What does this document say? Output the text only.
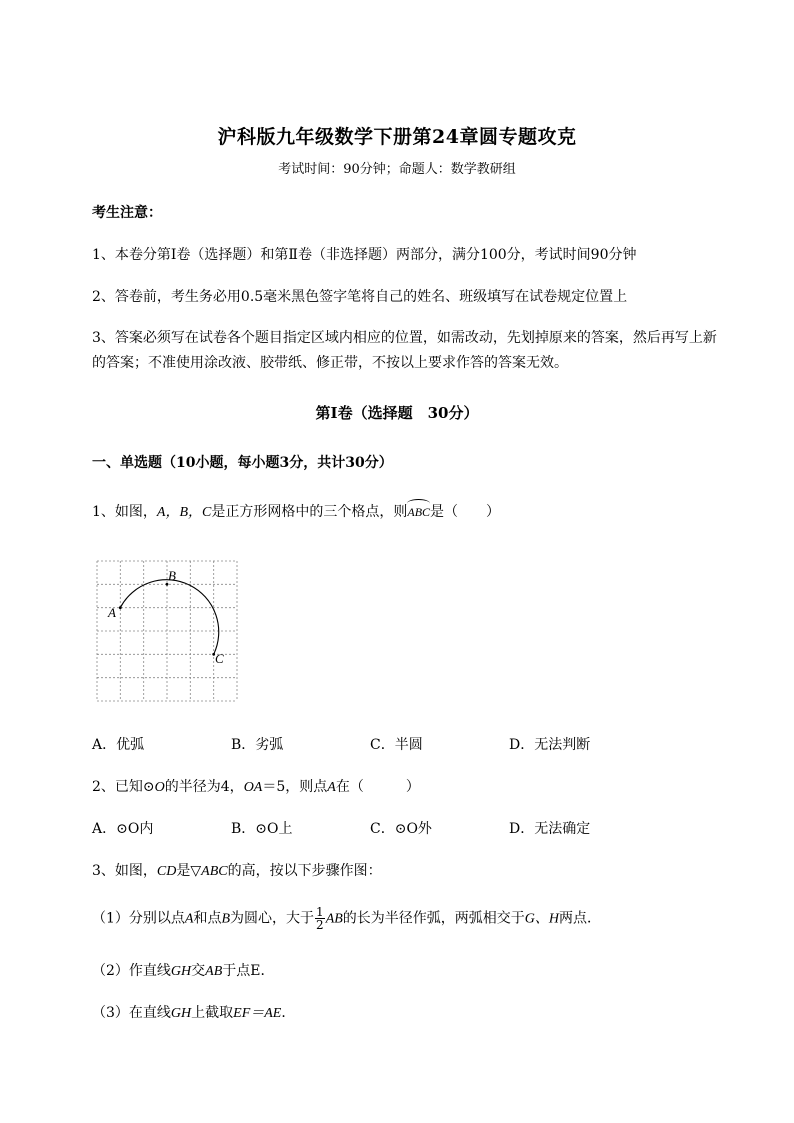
沪科版九年级数学下册第24章圆专题攻克
考试时间：90分钟；命题人：数学教研组
考生注意：
1、本卷分第I卷（选择题）和第Ⅱ卷（非选择题）两部分，满分100分，考试时间90分钟
2、答卷前，考生务必用0.5毫米黑色签字笔将自己的姓名、班级填写在试卷规定位置上
3、答案必须写在试卷各个题目指定区域内相应的位置，如需改动，先划掉原来的答案，然后再写上新
的答案；不准使用涂改液、胶带纸、修正带，不按以上要求作答的答案无效。
第I卷（选择题　30分）
一、单选题（10小题，每小题3分，共计30分）
1、如图，A，B，C是正方形网格中的三个格点，则
ABC是（　　）
A
B
C
A．优弧	B．劣弧	C．半圆	D．无法判断
2、已知⊙O的半径为4，OA＝5，则点A在（　　　）
A．⊙O内	B．⊙O上	C．⊙O外	D．无法确定
3、如图，CD是▽ABC的高，按以下步骤作图：
（1）分别以点A和点B为圆心，大于 $\frac{1}{2}$ AB的长为半径作弧，两弧相交于G、H两点．
（2）作直线GH交AB于点E．
（3）在直线GH上截取EF＝AE．
